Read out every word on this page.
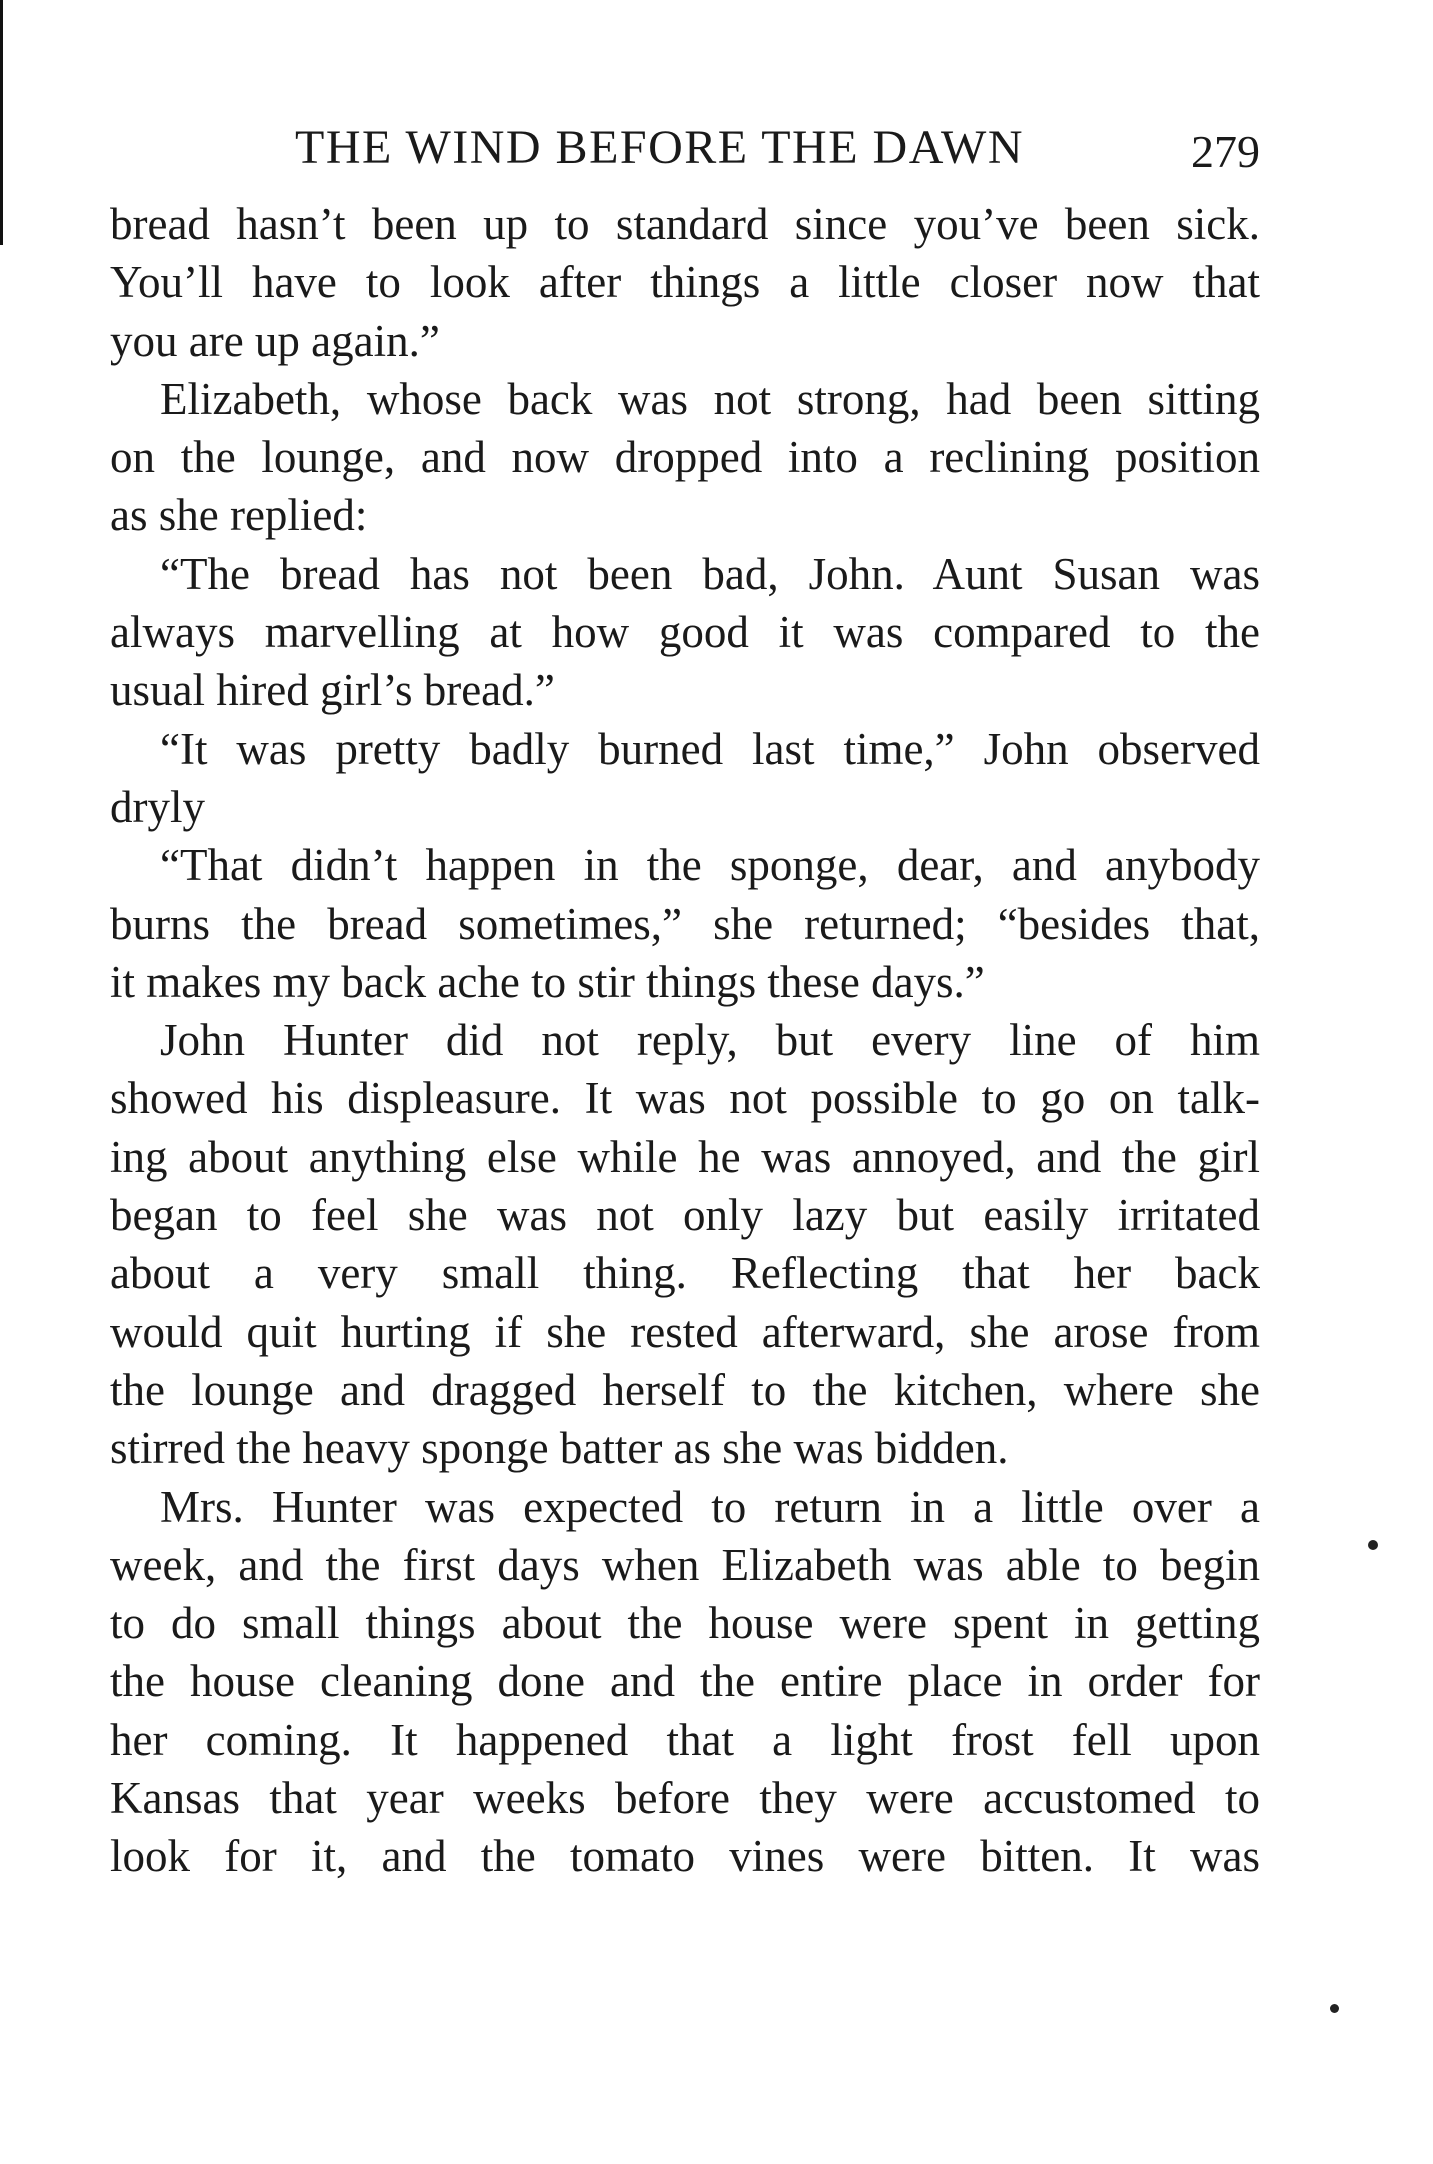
THE WIND BEFORE THE DAWN	279
bread hasn’t been up to standard since you’ve been sick.
You’ll have to look after things a little closer now that
you are up again.”
Elizabeth, whose back was not strong, had been sitting
on the lounge, and now dropped into a reclining position
as she replied:
“The bread has not been bad, John. Aunt Susan was
always marvelling at how good it was compared to the
usual hired girl’s bread.”
“It was pretty badly burned last time,” John observed
dryly
“That didn’t happen in the sponge, dear, and anybody
burns the bread sometimes,” she returned; “besides that,
it makes my back ache to stir things these days.”
John Hunter did not reply, but every line of him
showed his displeasure. It was not possible to go on talk-
ing about anything else while he was annoyed, and the girl
began to feel she was not only lazy but easily irritated
about a very small thing. Reflecting that her back
would quit hurting if she rested afterward, she arose from
the lounge and dragged herself to the kitchen, where she
stirred the heavy sponge batter as she was bidden.
Mrs. Hunter was expected to return in a little over a
week, and the first days when Elizabeth was able to begin
to do small things about the house were spent in getting
the house cleaning done and the entire place in order for
her coming. It happened that a light frost fell upon
Kansas that year weeks before they were accustomed to
look for it, and the tomato vines were bitten. It was
